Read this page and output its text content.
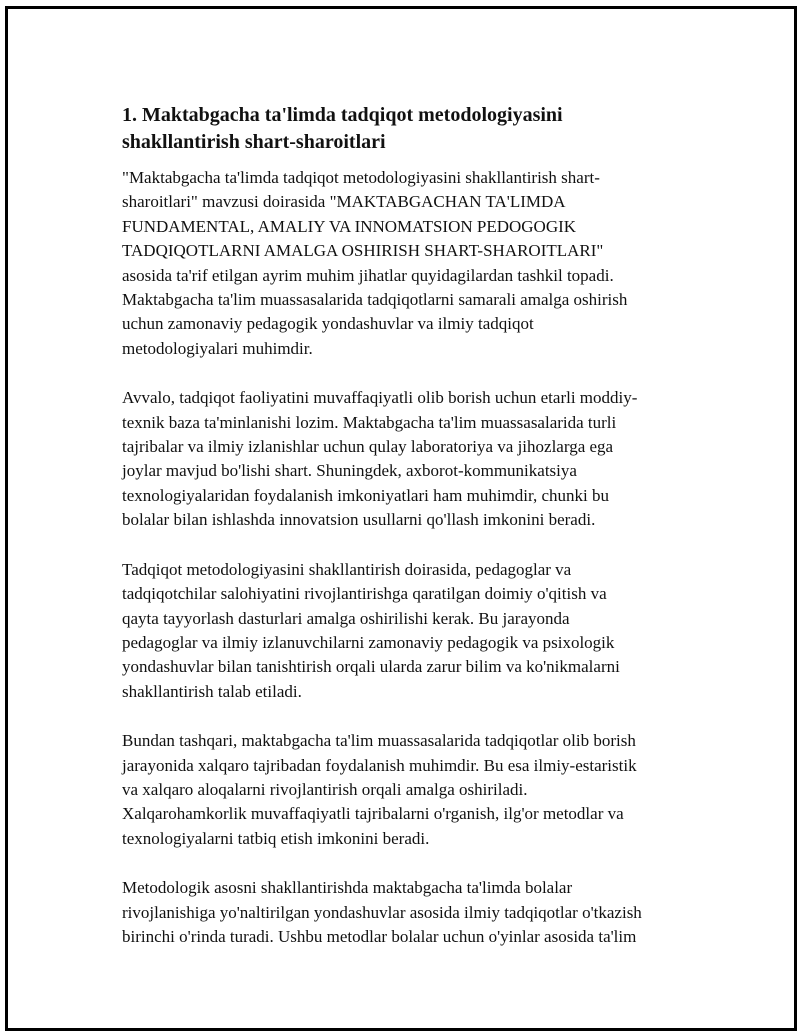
1. Maktabgacha ta'limda tadqiqot metodologiyasini
shakllantirish shart-sharoitlari

"Maktabgacha ta'limda tadqiqot metodologiyasini shakllantirish shart-
sharoitlari" mavzusi doirasida "MAKTABGACHAN TA'LIMDA
FUNDAMENTAL, AMALIY VA INNOMATSION PEDOGOGIK
TADQIQOTLARNI AMALGA OSHIRISH SHART-SHAROITLARI"
asosida ta'rif etilgan ayrim muhim jihatlar quyidagilardan tashkil topadi.
Maktabgacha ta'lim muassasalarida tadqiqotlarni samarali amalga oshirish
uchun zamonaviy pedagogik yondashuvlar va ilmiy tadqiqot
metodologiyalari muhimdir.

Avvalo, tadqiqot faoliyatini muvaffaqiyatli olib borish uchun etarli moddiy-
texnik baza ta'minlanishi lozim. Maktabgacha ta'lim muassasalarida turli
tajribalar va ilmiy izlanishlar uchun qulay laboratoriya va jihozlarga ega
joylar mavjud bo'lishi shart. Shuningdek, axborot-kommunikatsiya
texnologiyalaridan foydalanish imkoniyatlari ham muhimdir, chunki bu
bolalar bilan ishlashda innovatsion usullarni qo'llash imkonini beradi.

Tadqiqot metodologiyasini shakllantirish doirasida, pedagoglar va
tadqiqotchilar salohiyatini rivojlantirishga qaratilgan doimiy o'qitish va
qayta tayyorlash dasturlari amalga oshirilishi kerak. Bu jarayonda
pedagoglar va ilmiy izlanuvchilarni zamonaviy pedagogik va psixologik
yondashuvlar bilan tanishtirish orqali ularda zarur bilim va ko'nikmalarni
shakllantirish talab etiladi.

Bundan tashqari, maktabgacha ta'lim muassasalarida tadqiqotlar olib borish
jarayonida xalqaro tajribadan foydalanish muhimdir. Bu esa ilmiy-estaristik
va xalqaro aloqalarni rivojlantirish orqali amalga oshiriladi.
Xalqarohamkorlik muvaffaqiyatli tajribalarni o'rganish, ilg'or metodlar va
texnologiyalarni tatbiq etish imkonini beradi.

Metodologik asosni shakllantirishda maktabgacha ta'limda bolalar
rivojlanishiga yo'naltirilgan yondashuvlar asosida ilmiy tadqiqotlar o'tkazish
birinchi o'rinda turadi. Ushbu metodlar bolalar uchun o'yinlar asosida ta'lim
